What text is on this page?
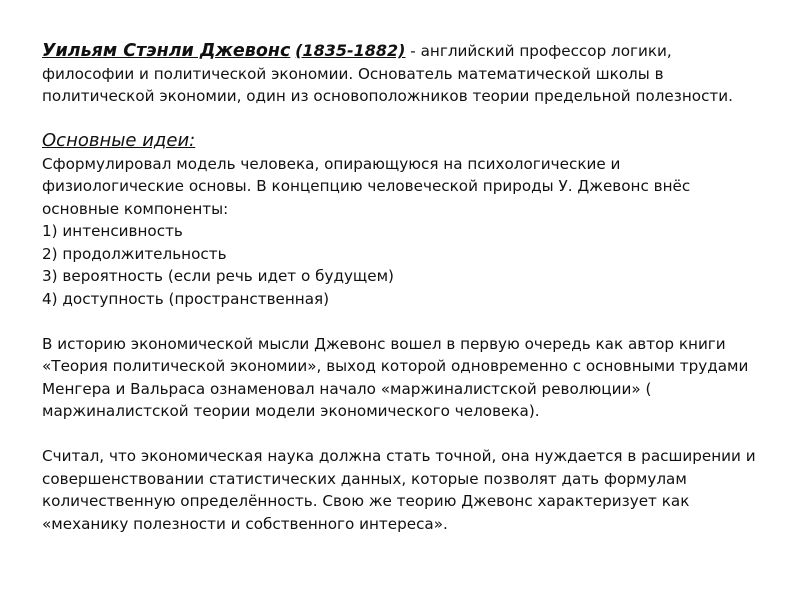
Уильям Стэнли Джевонс (1835-1882) - английский профессор логики,

философии и политической экономии. Основатель математической школы в

политической экономии, один из основоположников теории предельной полезности.

Основные идеи:

Сформулировал модель человека, опирающуюся на психологические и

физиологические основы. В концепцию человеческой природы У. Джевонс внёс

основные компоненты:

1) интенсивность

2) продолжительность

3) вероятность (если речь идет о будущем)

4) доступность (пространственная)

В историю экономической мысли Джевонс вошел в первую очередь как автор книги

«Теория политической экономии», выход которой одновременно с основными трудами

Менгера и Вальраса ознаменовал начало «маржиналистской революции» (

маржиналистской теории модели экономического человека).

Считал, что экономическая наука должна стать точной, она нуждается в расширении и

совершенствовании статистических данных, которые позволят дать формулам

количественную определённость. Свою же теорию Джевонс характеризует как

«механику полезности и собственного интереса».
